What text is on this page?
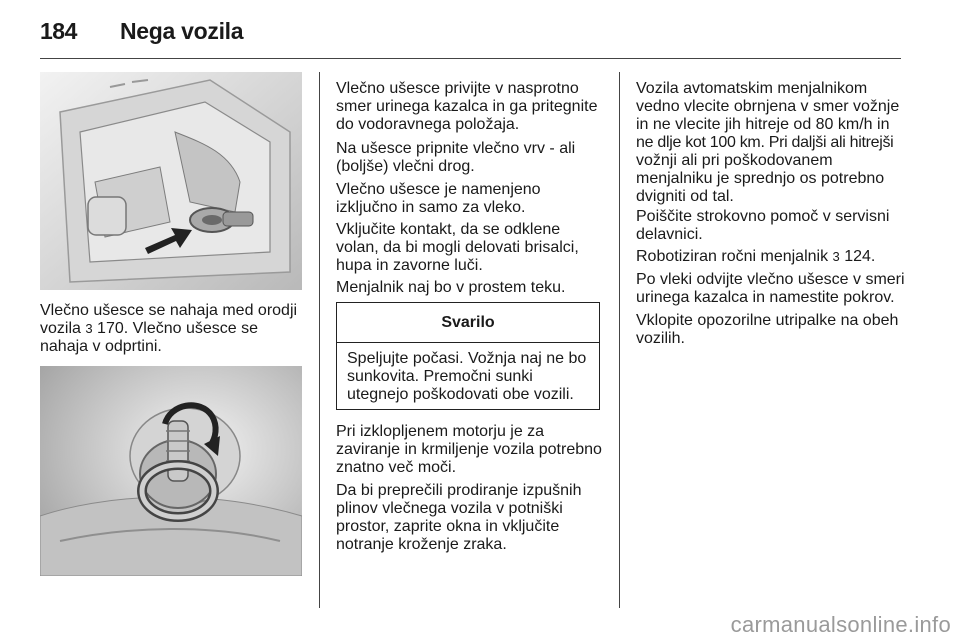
184 Nega vozila

Vlečno ušesce se nahaja med orodji
vozila 3 170. Vlečno ušesce se
nahaja v odprtini.

Vlečno ušesce privijte v nasprotno
smer urinega kazalca in ga pritegnite
do vodoravnega položaja.

Na ušesce pripnite vlečno vrv - ali
(boljše) vlečni drog.

Vlečno ušesce je namenjeno
izključno in samo za vleko.

Vključite kontakt, da se odklene
volan, da bi mogli delovati brisalci,
hupa in zavorne luči.

Menjalnik naj bo v prostem teku.

Svarilo
Speljujte počasi. Vožnja naj ne bo
sunkovita. Premočni sunki
utegnejo poškodovati obe vozili.

Pri izklopljenem motorju je za
zaviranje in krmiljenje vozila potrebno
znatno več moči.

Da bi preprečili prodiranje izpušnih
plinov vlečnega vozila v potniški
prostor, zaprite okna in vključite
notranje kroženje zraka.

Vozila avtomatskim menjalnikom
vedno vlecite obrnjena v smer vožnje
in ne vlecite jih hitreje od 80 km/h in
ne dlje kot 100 km. Pri daljši ali hitrejši
vožnji ali pri poškodovanem
menjalniku je sprednjo os potrebno
dvigniti od tal.

Poiščite strokovno pomoč v servisni
delavnici.

Robotiziran ročni menjalnik 3 124.

Po vleki odvijte vlečno ušesce v smeri
urinega kazalca in namestite pokrov.

Vklopite opozorilne utripalke na obeh
vozilih.

carmanualsonline.info
